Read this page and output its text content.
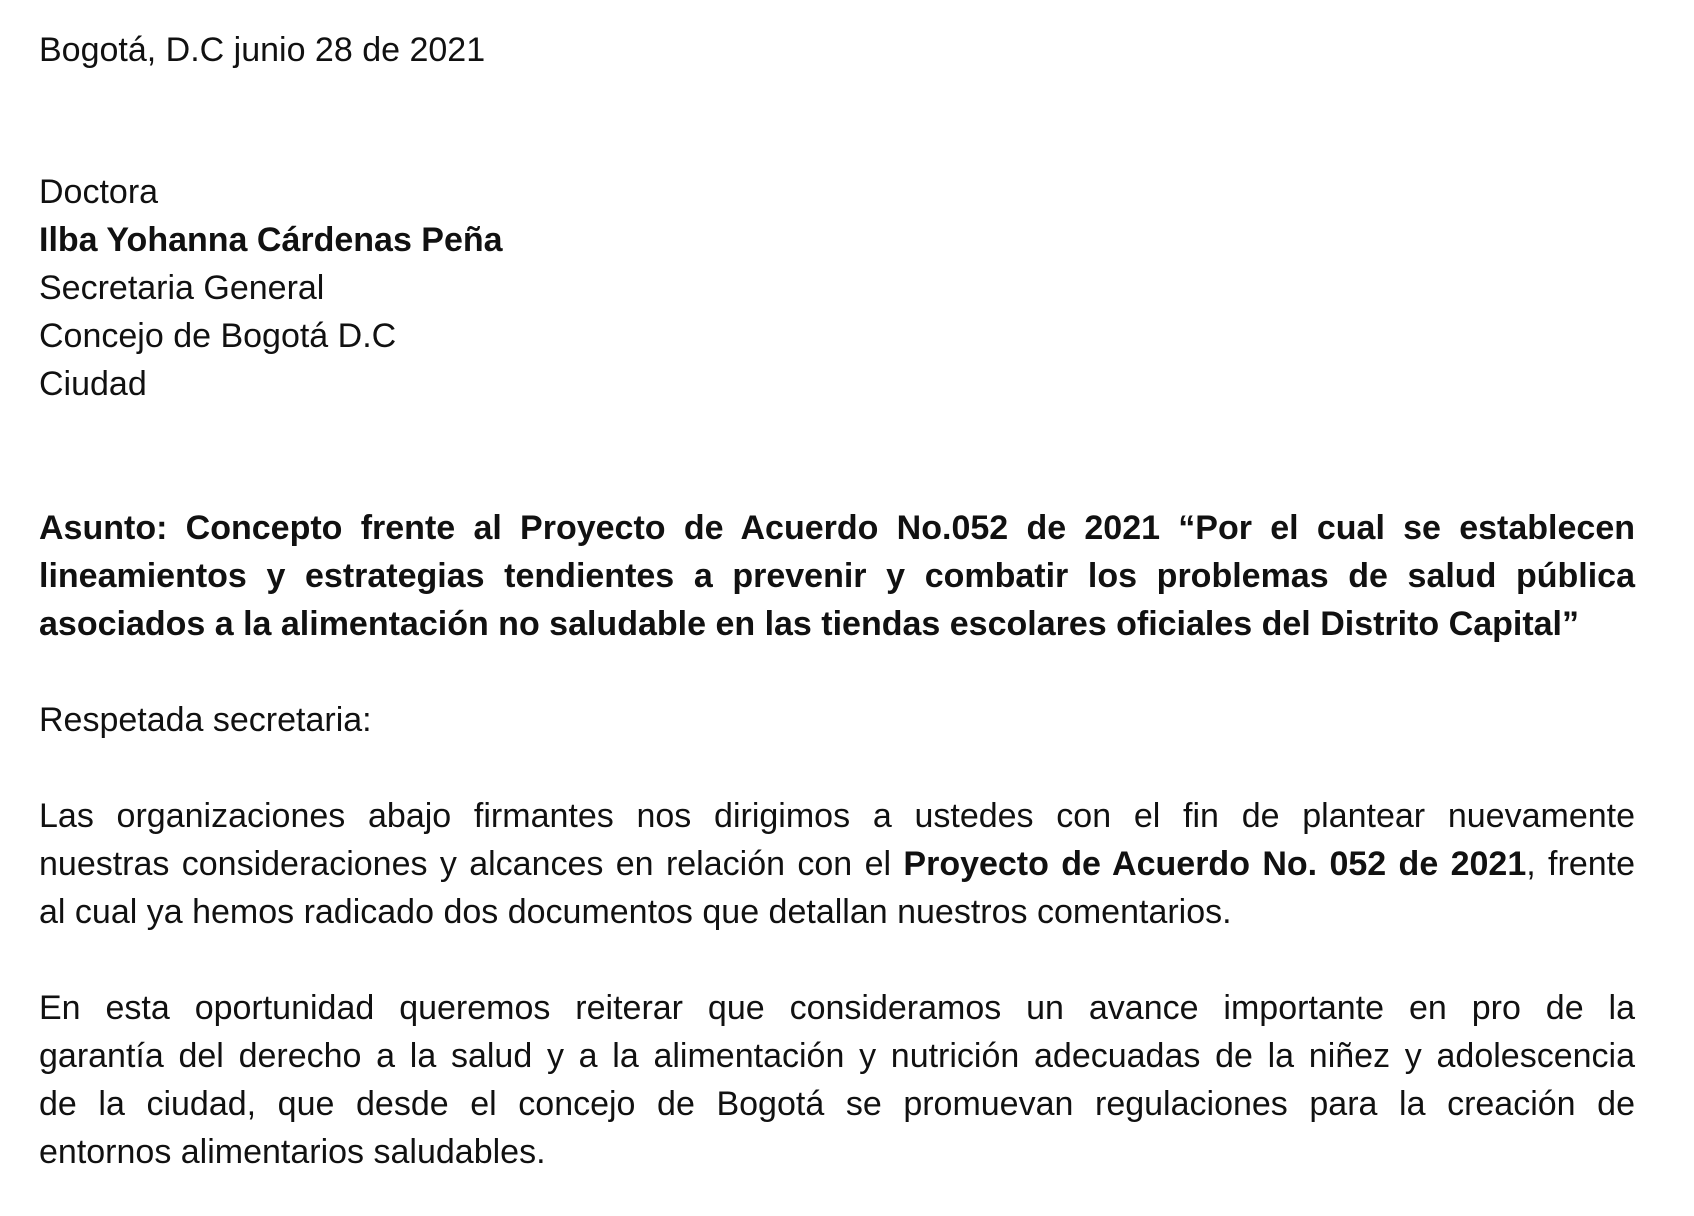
Bogotá, D.C junio 28 de 2021
Doctora
Ilba Yohanna Cárdenas Peña
Secretaria General
Concejo de Bogotá D.C
Ciudad
Asunto: Concepto frente al Proyecto de Acuerdo No.052 de 2021 “Por el cual se establecen
lineamientos y estrategias tendientes a prevenir y combatir los problemas de salud pública
asociados a la alimentación no saludable en las tiendas escolares oficiales del Distrito Capital”
Respetada secretaria:
Las organizaciones abajo firmantes nos dirigimos a ustedes con el fin de plantear nuevamente
nuestras consideraciones y alcances en relación con el Proyecto de Acuerdo No. 052 de 2021, frente
al cual ya hemos radicado dos documentos que detallan nuestros comentarios.
En esta oportunidad queremos reiterar que consideramos un avance importante en pro de la
garantía del derecho a la salud y a la alimentación y nutrición adecuadas de la niñez y adolescencia
de la ciudad, que desde el concejo de Bogotá se promuevan regulaciones para la creación de
entornos alimentarios saludables.
